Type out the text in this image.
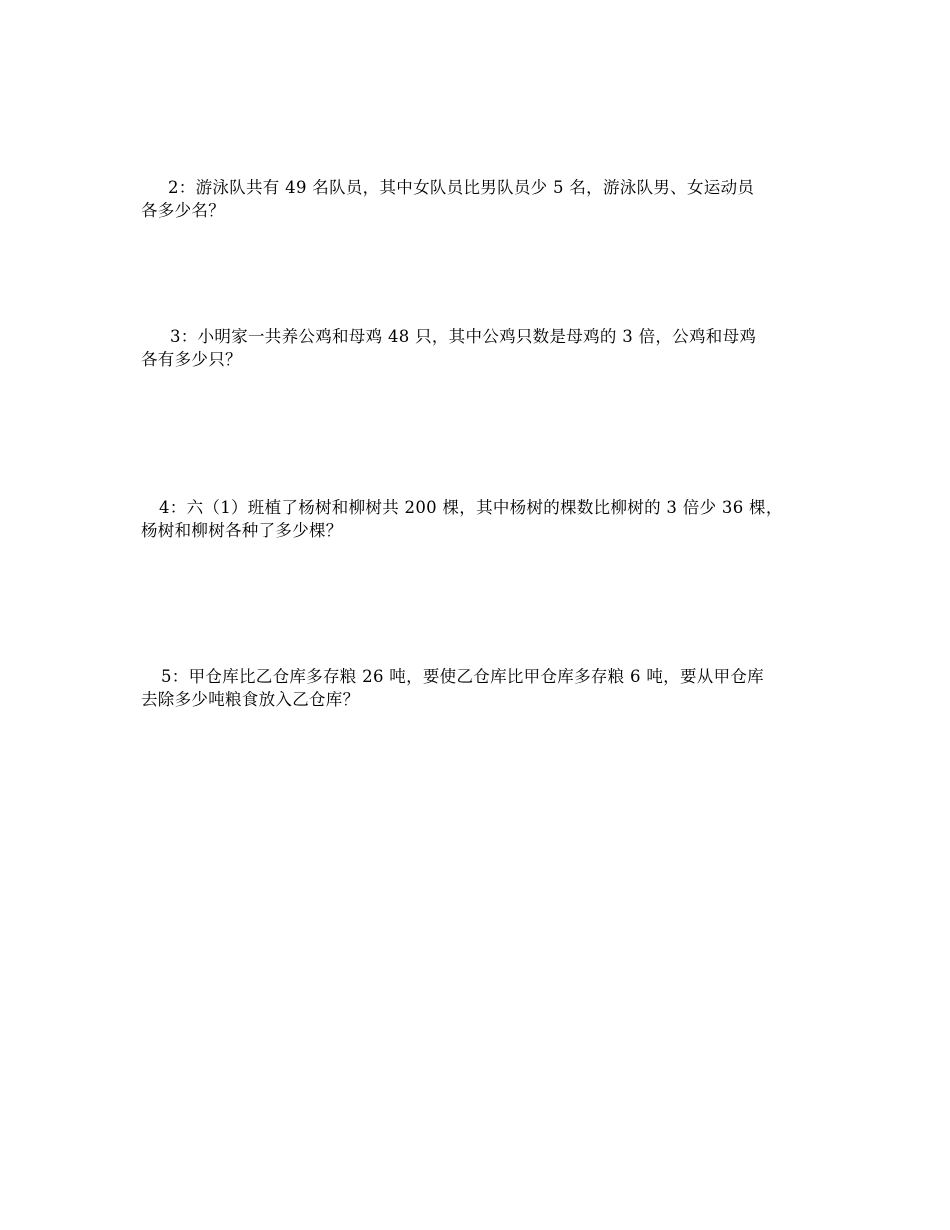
2：游泳队共有 49 名队员，其中女队员比男队员少 5 名，游泳队男、女运动员
各多少名？
3：小明家一共养公鸡和母鸡 48 只，其中公鸡只数是母鸡的 3 倍，公鸡和母鸡
各有多少只？
4：六（1）班植了杨树和柳树共 200 棵，其中杨树的棵数比柳树的 3 倍少 36 棵，
杨树和柳树各种了多少棵？
5：甲仓库比乙仓库多存粮 26 吨，要使乙仓库比甲仓库多存粮 6 吨，要从甲仓库
去除多少吨粮食放入乙仓库？
